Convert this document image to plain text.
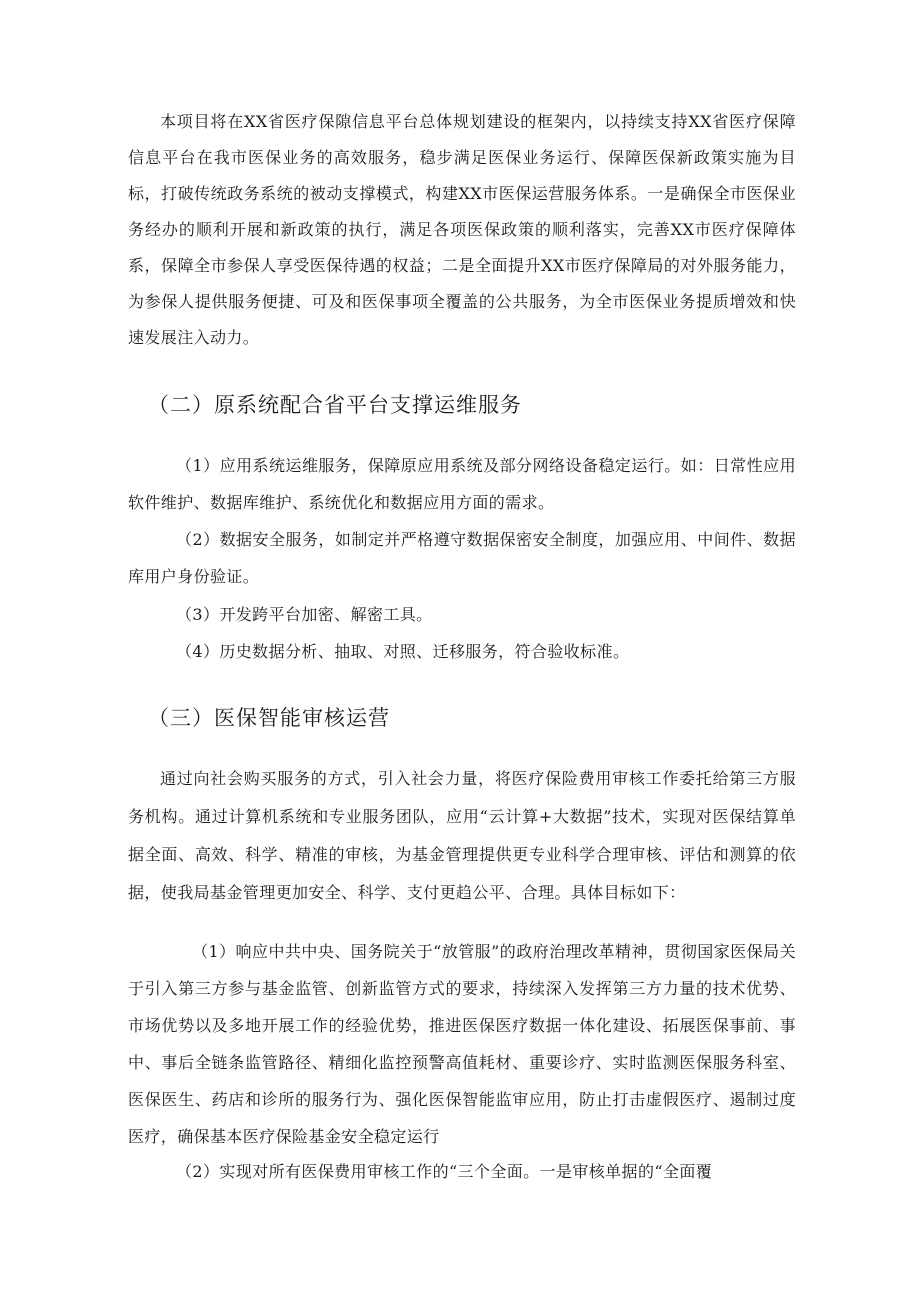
本项目将在XX省医疗保隙信息平台总体规划建设的框架内，以持续支持XX省医疗保障信息平台在我市医保业务的高效服务，稳步满足医保业务运行、保障医保新政策实施为目标，打破传统政务系统的被动支撑模式，构建XX市医保运营服务体系。一是确保全市医保业务经办的顺利开展和新政策的执行，满足各项医保政策的顺利落实，完善XX市医疗保障体系，保障全市参保人享受医保待遇的权益；二是全面提升XX市医疗保障局的对外服务能力，为参保人提供服务便捷、可及和医保事项全覆盖的公共服务，为全市医保业务提质增效和快速发展注入动力。

（二）原系统配合省平台支撑运维服务

（1）应用系统运维服务，保障原应用系统及部分网络设备稳定运行。如：日常性应用软件维护、数据库维护、系统优化和数据应用方面的需求。

（2）数据安全服务，如制定并严格遵守数据保密安全制度，加强应用、中间件、数据库用户身份验证。

（3）开发跨平台加密、解密工具。

（4）历史数据分析、抽取、对照、迁移服务，符合验收标准。

（三）医保智能审核运营

通过向社会购买服务的方式，引入社会力量，将医疗保险费用审核工作委托给第三方服务机构。通过计算机系统和专业服务团队，应用“云计算+大数据”技术，实现对医保结算单据全面、高效、科学、精准的审核，为基金管理提供更专业科学合理审核、评估和测算的依据，使我局基金管理更加安全、科学、支付更趋公平、合理。具体目标如下：

（1）响应中共中央、国务院关于“放管服”的政府治理改革精神，贯彻国家医保局关于引入第三方参与基金监管、创新监管方式的要求，持续深入发挥第三方力量的技术优势、市场优势以及多地开展工作的经验优势，推进医保医疗数据一体化建设、拓展医保事前、事中、事后全链条监管路径、精细化监控预警高值耗材、重要诊疗、实时监测医保服务科室、医保医生、药店和诊所的服务行为、强化医保智能监审应用，防止打击虚假医疗、遏制过度医疗，确保基本医疗保险基金安全稳定运行

（2）实现对所有医保费用审核工作的“三个全面。一是审核单据的“全面覆
